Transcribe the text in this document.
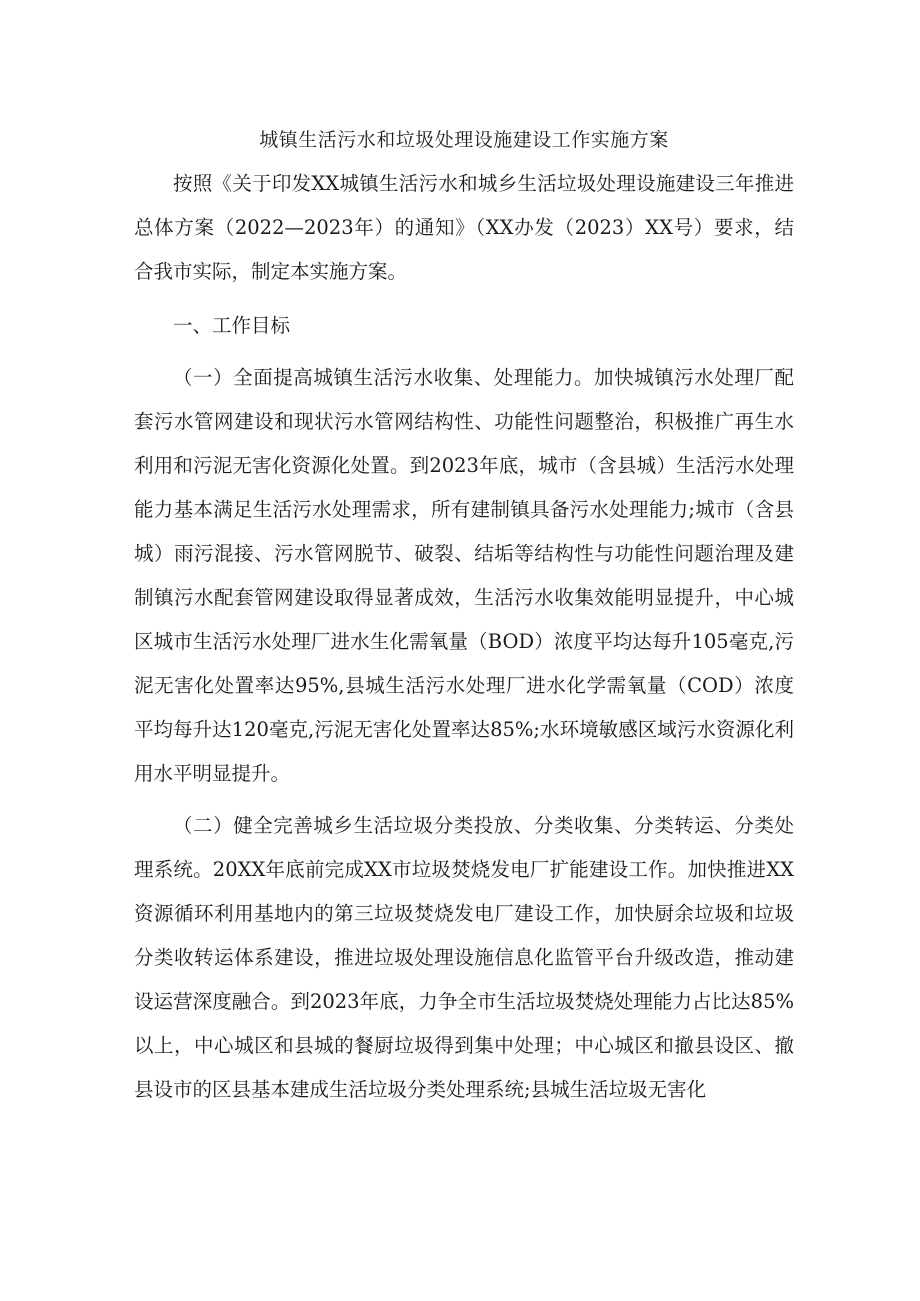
城镇生活污水和垃圾处理设施建设工作实施方案

按照《关于印发XX城镇生活污水和城乡生活垃圾处理设施建设三年推进总体方案（2022—2023年）的通知》（XX办发（2023）XX号）要求，结合我市实际，制定本实施方案。

一、工作目标

（一）全面提高城镇生活污水收集、处理能力。加快城镇污水处理厂配套污水管网建设和现状污水管网结构性、功能性问题整治，积极推广再生水利用和污泥无害化资源化处置。到2023年底，城市（含县城）生活污水处理能力基本满足生活污水处理需求，所有建制镇具备污水处理能力;城市（含县城）雨污混接、污水管网脱节、破裂、结垢等结构性与功能性问题治理及建制镇污水配套管网建设取得显著成效，生活污水收集效能明显提升，中心城区城市生活污水处理厂进水生化需氧量（BOD）浓度平均达每升105毫克,污泥无害化处置率达95%,县城生活污水处理厂进水化学需氧量（COD）浓度平均每升达120毫克,污泥无害化处置率达85%;水环境敏感区域污水资源化利用水平明显提升。

（二）健全完善城乡生活垃圾分类投放、分类收集、分类转运、分类处理系统。20XX年底前完成XX市垃圾焚烧发电厂扩能建设工作。加快推进XX资源循环利用基地内的第三垃圾焚烧发电厂建设工作，加快厨余垃圾和垃圾分类收转运体系建设，推进垃圾处理设施信息化监管平台升级改造，推动建设运营深度融合。到2023年底，力争全市生活垃圾焚烧处理能力占比达85%以上，中心城区和县城的餐厨垃圾得到集中处理；中心城区和撤县设区、撤县设市的区县基本建成生活垃圾分类处理系统;县城生活垃圾无害化
